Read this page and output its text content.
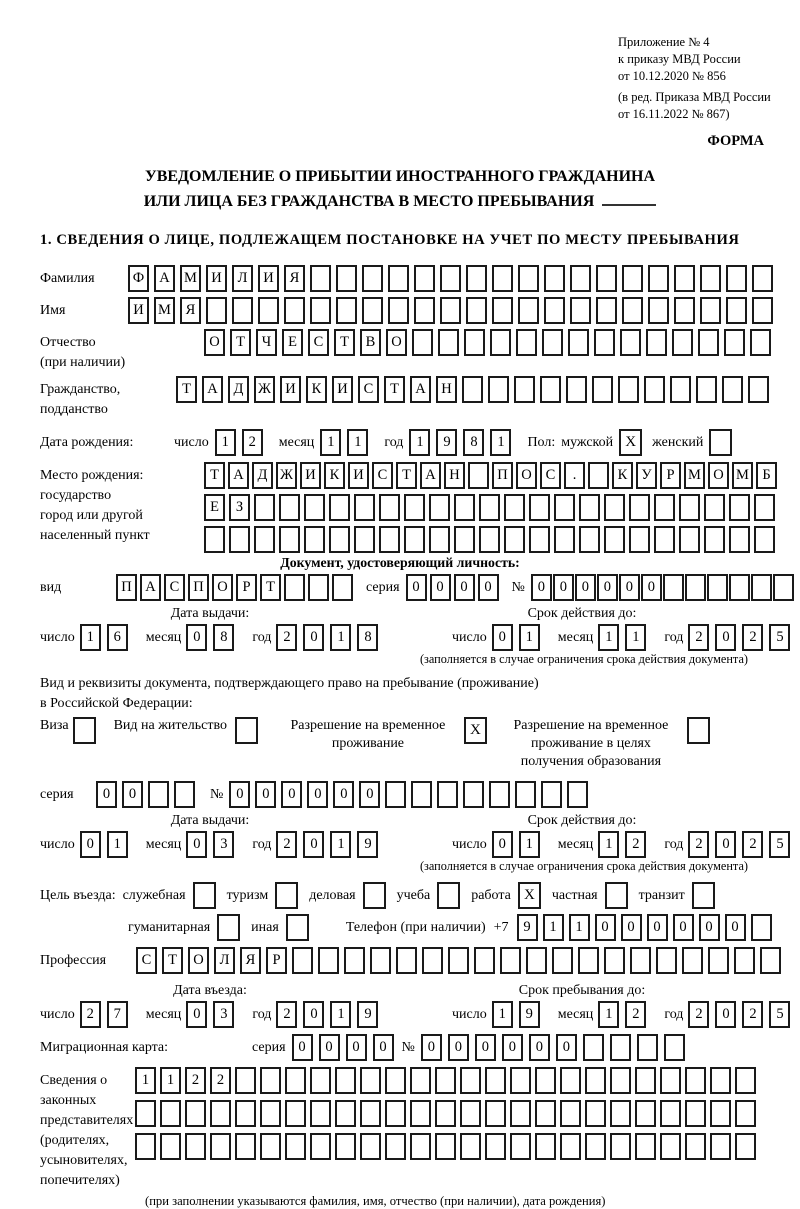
Приложение № 4
к приказу МВД России
от 10.12.2020 № 856
(в ред. Приказа МВД России
от 16.11.2022 № 867)
ФОРМА
УВЕДОМЛЕНИЕ О ПРИБЫТИИ ИНОСТРАННОГО ГРАЖДАНИНА
ИЛИ ЛИЦА БЕЗ ГРАЖДАНСТВА В МЕСТО ПРЕБЫВАНИЯ
1. СВЕДЕНИЯ О ЛИЦЕ, ПОДЛЕЖАЩЕМ ПОСТАНОВКЕ НА УЧЕТ ПО МЕСТУ ПРЕБЫВАНИЯ
Фамилия	Ф	А М И	Л	И	Я
Имя	И М	Я
Отчество
(при наличии)
О	Т	Ч	Е	С	Т	В	О
Гражданство,
подданство
Т	А	Д	Ж И	К	И	С	Т	А	Н
Дата рождения:	число 1	2	месяц 1	1	год 1	9	8	1	Пол: мужской X	женский
Место рождения:
государство
город или другой
населенный пункт
Т А Д Ж И К И С	Т А Н	П О С	.	К У	Р М О М Б
Е	З
Документ, удостоверяющий личность:
вид	П А С П О	Р	Т	серия 0	0	0	0	№ 0	0	0	0	0	0
Дата выдачи:
число 1	6	месяц 0	8	год 2	0	1	8
Срок действия до:
число 0	1	месяц 1	1	год 2	0	2	5
(заполняется в случае ограничения срока действия документа)
Вид и реквизиты документа, подтверждающего право на пребывание (проживание)
в Российской Федерации:
Виза	Вид на жительство	Разрешение на временное
проживание
X	Разрешение на временное
проживание в целях
получения образования
серия	0	0	№ 0	0	0	0	0	0
Дата выдачи:
число 0	1	месяц 0	3	год 2	0	1	9
Срок действия до:
число 0	1	месяц 1	2	год 2	0	2	5
(заполняется в случае ограничения срока действия документа)
Цель въезда: служебная	туризм	деловая	учеба	работа X	частная	транзит
гуманитарная	иная	Телефон (при наличии) +7	9	1	1	0	0	0	0	0	0
Профессия	С	Т	О	Л	Я	Р
Дата въезда:
число 2	7	месяц 0	3	год 2	0	1	9
Срок пребывания до:
число 1	9	месяц 1	2	год 2	0	2	5
Миграционная карта:	серия 0	0	0	0	№ 0	0	0	0	0	0
Сведения о
законных
представителях
(родителях,
усыновителях,
попечителях)
1	1	2	2
(при заполнении указываются фамилия, имя, отчество (при наличии), дата рождения)
